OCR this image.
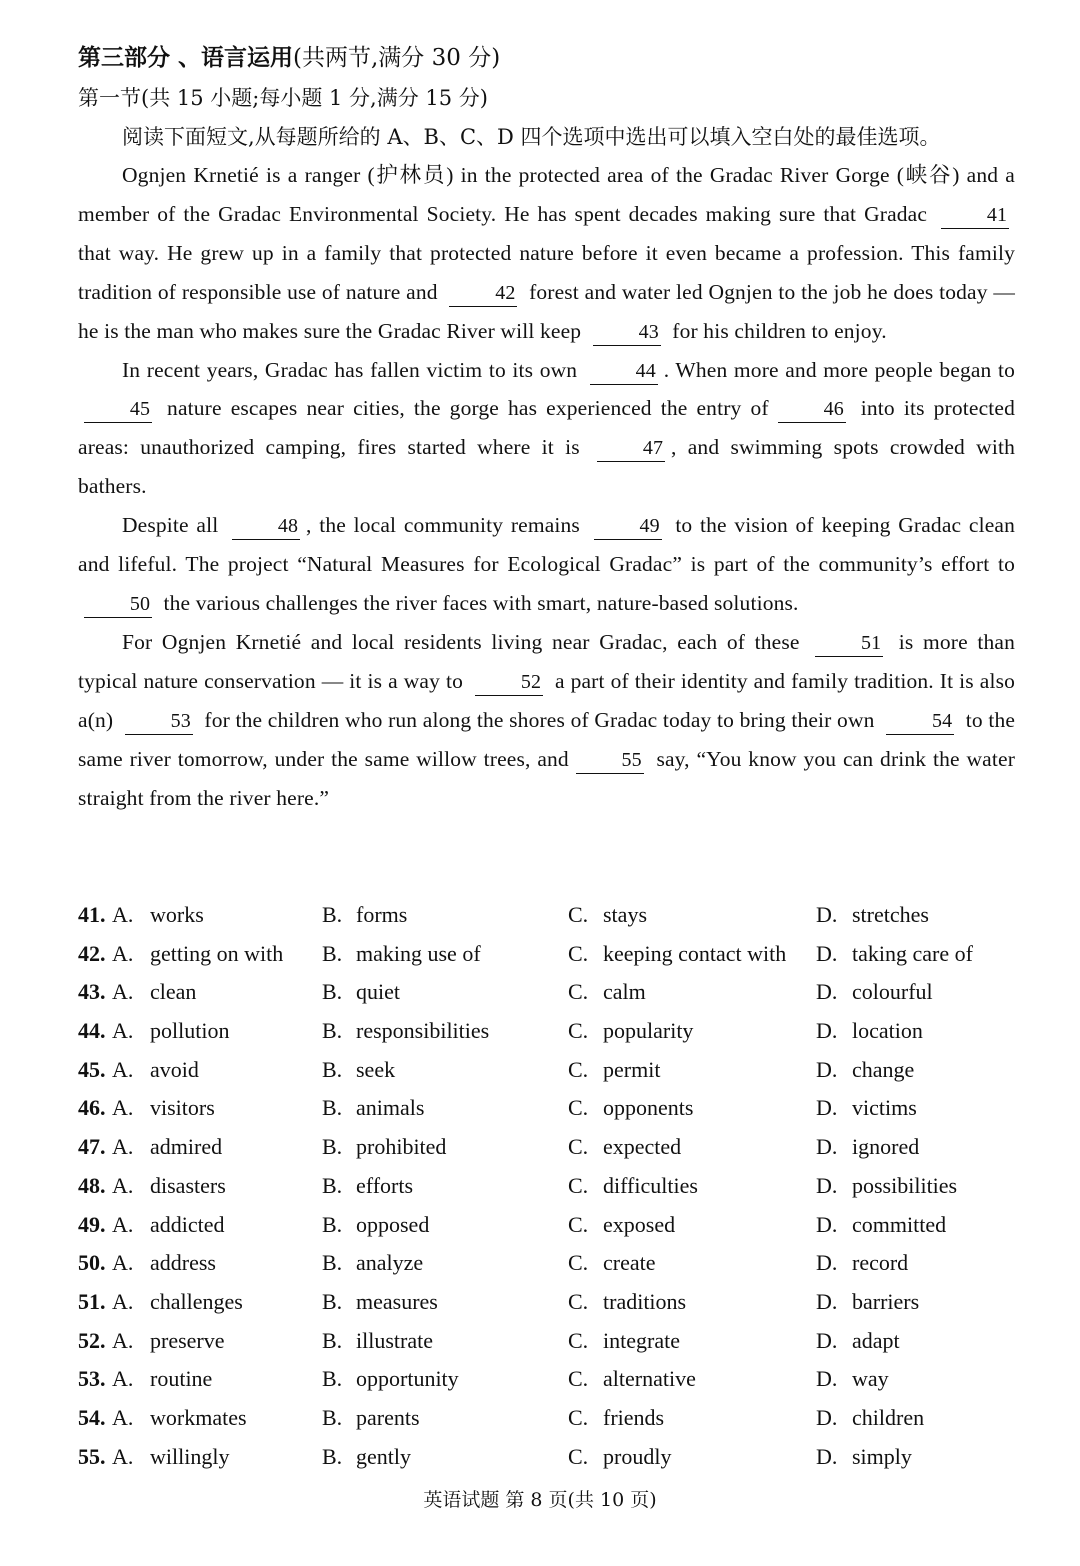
第三部分 、语言运用(共两节,满分 30 分)
第一节(共 15 小题;每小题 1 分,满分 15 分)
阅读下面短文,从每题所给的 A、B、C、D 四个选项中选出可以填入空白处的最佳选项。

Ognjen Krnetié is a ranger (护林员) in the protected area of the Gradac River Gorge (峡谷) and a member of the Gradac Environmental Society. He has spent decades making sure that Gradac	41 that way. He grew up in a family that protected nature before it even became a profession. This family tradition of responsible use of nature and	42 forest and water led Ognjen to the job he does today — he is the man who makes sure the Gradac River will keep	43 for his children to enjoy.

In recent years, Gradac has fallen victim to its own	44 . When more and more people began to 45 nature escapes near cities, the gorge has experienced the entry of	46 into its protected areas: unauthorized camping, fires started where it is	47 , and swimming spots crowded with bathers.

Despite all	48 , the local community remains	49 to the vision of keeping Gradac clean and lifeful. The project “Natural Measures for Ecological Gradac” is part of the community’s effort to 50 the various challenges the river faces with smart, nature-based solutions.

For Ognjen Krnetié and local residents living near Gradac, each of these	51 is more than typical nature conservation — it is a way to	52 a part of their identity and family tradition. It is also a(n)	53 for the children who run along the shores of Gradac today to bring their own	54 to the same river tomorrow, under the same willow trees, and	55 say, “You know you can drink the water straight from the river here.”

41. A. works	B. forms	C. stays	D. stretches
42. A. getting on with B. making use of	C. keeping contact with D. taking care of
43. A. clean	B. quiet	C. calm	D. colourful
44. A. pollution	B. responsibilities	C. popularity	D. location
45. A. avoid	B. seek	C. permit	D. change
46. A. visitors	B. animals	C. opponents	D. victims
47. A. admired	B. prohibited	C. expected	D. ignored
48. A. disasters	B. efforts	C. difficulties	D. possibilities
49. A. addicted	B. opposed	C. exposed	D. committed
50. A. address	B. analyze	C. create	D. record
51. A. challenges	B. measures	C. traditions	D. barriers
52. A. preserve	B. illustrate	C. integrate	D. adapt
53. A. routine	B. opportunity	C. alternative	D. way
54. A. workmates	B. parents	C. friends	D. children
55. A. willingly	B. gently	C. proudly	D. simply
英语试题 第 8 页(共 10 页)
